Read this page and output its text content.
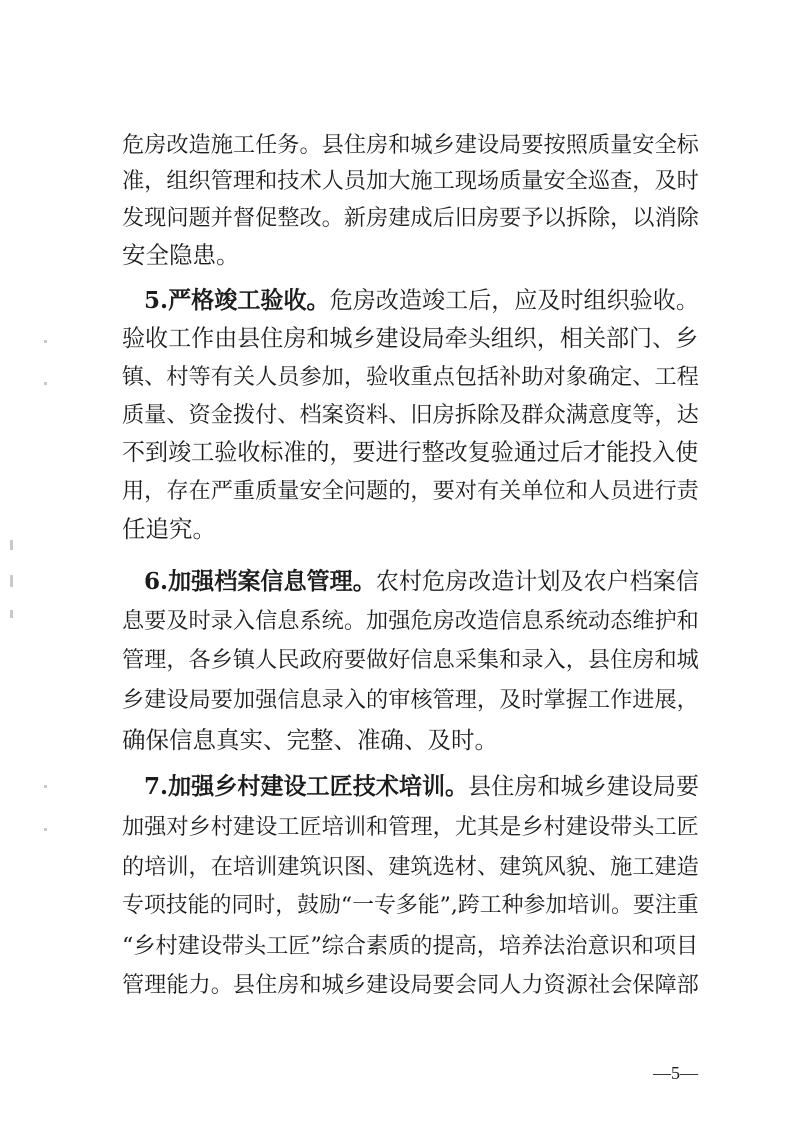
危房改造施工任务。县住房和城乡建设局要按照质量安全标
准，组织管理和技术人员加大施工现场质量安全巡查，及时
发现问题并督促整改。新房建成后旧房要予以拆除，以消除
安全隐患。
5.严格竣工验收。危房改造竣工后，应及时组织验收。
验收工作由县住房和城乡建设局牵头组织，相关部门、乡
镇、村等有关人员参加，验收重点包括补助对象确定、工程
质量、资金拨付、档案资料、旧房拆除及群众满意度等，达
不到竣工验收标准的，要进行整改复验通过后才能投入使
用，存在严重质量安全问题的，要对有关单位和人员进行责
任追究。
6.加强档案信息管理。农村危房改造计划及农户档案信
息要及时录入信息系统。加强危房改造信息系统动态维护和
管理，各乡镇人民政府要做好信息采集和录入，县住房和城
乡建设局要加强信息录入的审核管理，及时掌握工作进展，
确保信息真实、完整、准确、及时。
7.加强乡村建设工匠技术培训。县住房和城乡建设局要
加强对乡村建设工匠培训和管理，尤其是乡村建设带头工匠
的培训，在培训建筑识图、建筑选材、建筑风貌、施工建造
专项技能的同时，鼓励“一专多能”,跨工种参加培训。要注重
“乡村建设带头工匠”综合素质的提高，培养法治意识和项目
管理能力。县住房和城乡建设局要会同人力资源社会保障部
—5—
